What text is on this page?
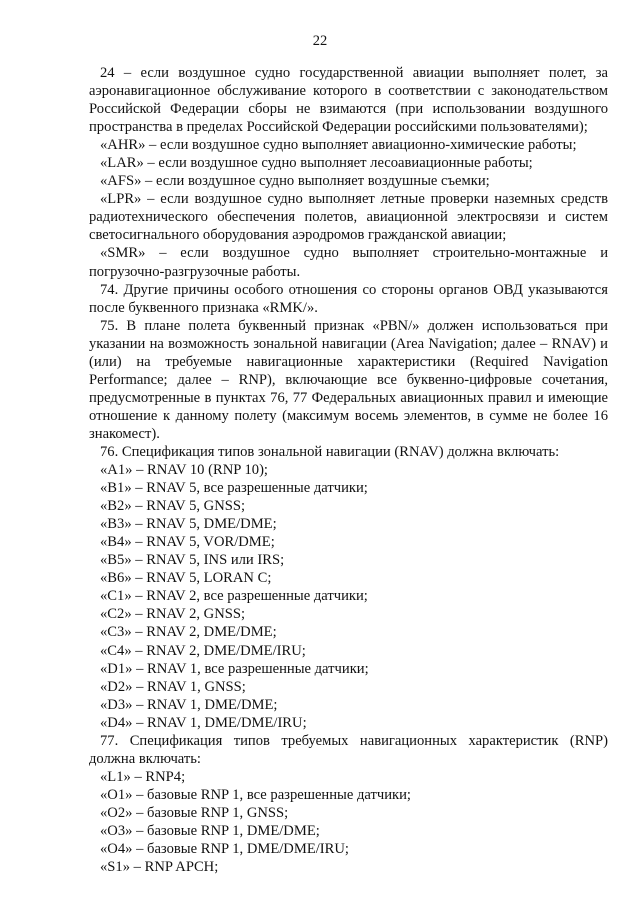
22

24 – если воздушное судно государственной авиации выполняет полет, за аэронавигационное обслуживание которого в соответствии с законодательством Российской Федерации сборы не взимаются (при использовании воздушного пространства в пределах Российской Федерации российскими пользователями);

«AHR» – если воздушное судно выполняет авиационно-химические работы;

«LAR» – если воздушное судно выполняет лесоавиационные работы;

«AFS» – если воздушное судно выполняет воздушные съемки;

«LPR» – если воздушное судно выполняет летные проверки наземных средств радиотехнического обеспечения полетов, авиационной электросвязи и систем светосигнального оборудования аэродромов гражданской авиации;

«SMR» – если воздушное судно выполняет строительно-монтажные и погрузочно-разгрузочные работы.

74. Другие причины особого отношения со стороны органов ОВД указываются после буквенного признака «RMK/».

75. В плане полета буквенный признак «PBN/» должен использоваться при указании на возможность зональной навигации (Area Navigation; далее – RNAV) и (или) на требуемые навигационные характеристики (Required Navigation Performance; далее – RNP), включающие все буквенно-цифровые сочетания, предусмотренные в пунктах 76, 77 Федеральных авиационных правил и имеющие отношение к данному полету (максимум восемь элементов, в сумме не более 16 знакомест).

76. Спецификация типов зональной навигации (RNAV) должна включать:

«A1» – RNAV 10 (RNP 10);

«B1» – RNAV 5, все разрешенные датчики;

«B2» – RNAV 5, GNSS;

«B3» – RNAV 5, DME/DME;

«B4» – RNAV 5, VOR/DME;

«B5» – RNAV 5, INS или IRS;

«B6» – RNAV 5, LORAN C;

«C1» – RNAV 2, все разрешенные датчики;

«C2» – RNAV 2, GNSS;

«C3» – RNAV 2, DME/DME;

«C4» – RNAV 2, DME/DME/IRU;

«D1» – RNAV 1, все разрешенные датчики;

«D2» – RNAV 1, GNSS;

«D3» – RNAV 1, DME/DME;

«D4» – RNAV 1, DME/DME/IRU;

77. Спецификация типов требуемых навигационных характеристик (RNP) должна включать:

«L1» – RNP4;

«O1» – базовые RNP 1, все разрешенные датчики;

«O2» – базовые RNP 1, GNSS;

«O3» – базовые RNP 1, DME/DME;

«O4» – базовые RNP 1, DME/DME/IRU;

«S1» – RNP APCH;
